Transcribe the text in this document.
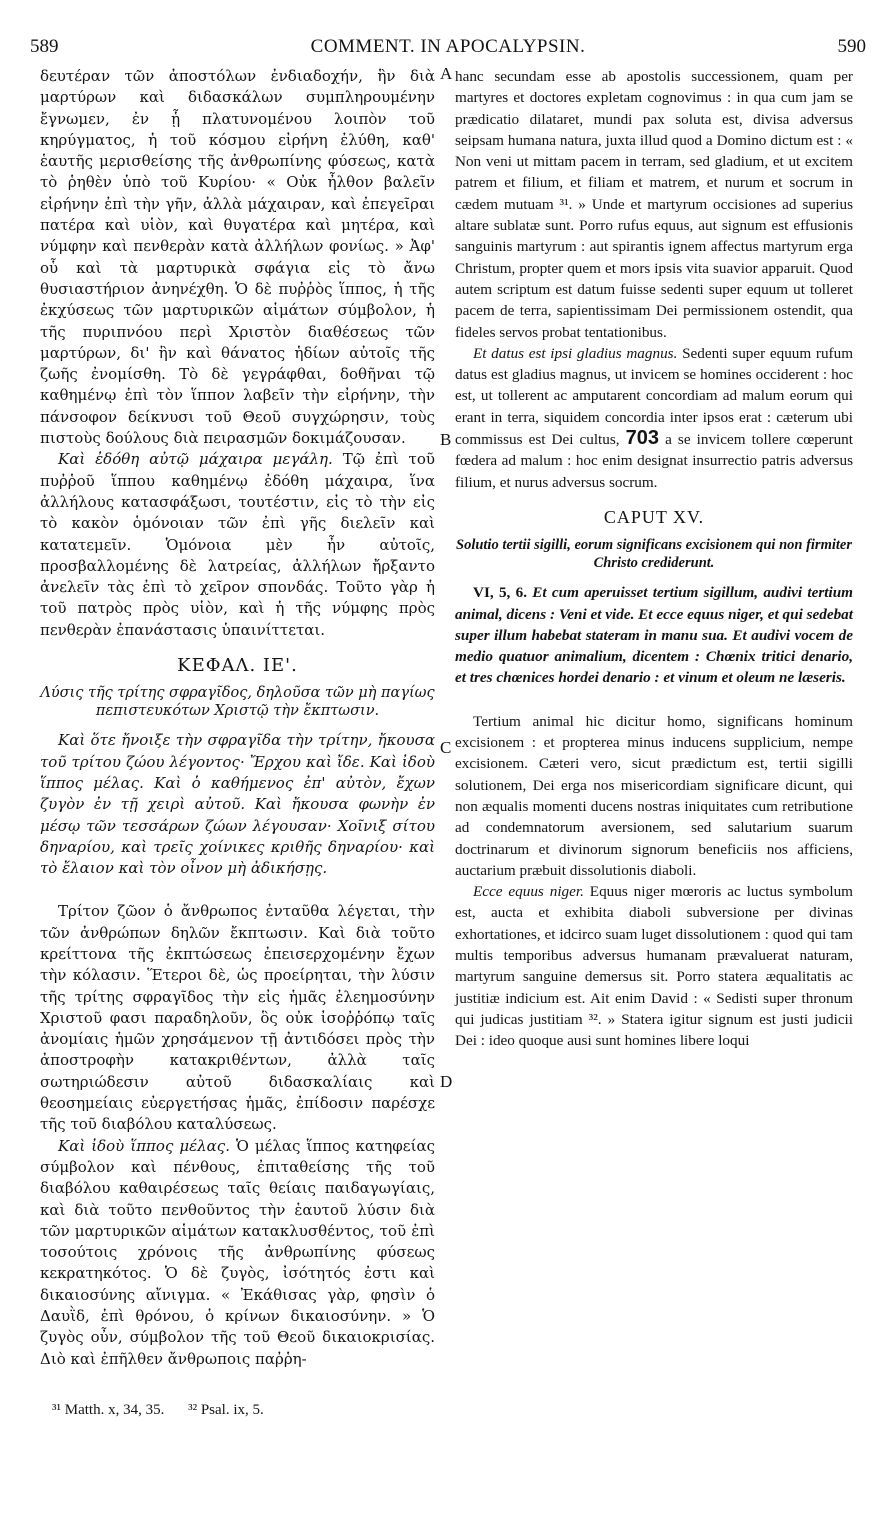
COMMENT. IN APOCALYPSIN.
589	590
A
B
C
D

δευτέραν τῶν ἀποστόλων ἐνδιαδοχήν, ἣν διὰ μαρτύρων καὶ διδασκάλων συμπληρουμένην ἔγνωμεν, ἐν ᾗ πλατυνομένου λοιπὸν τοῦ κηρύγματος, ἡ τοῦ κόσμου εἰρήνη ἐλύθη, καθ' ἑαυτῆς μερισθείσης τῆς ἀνθρωπίνης φύσεως, κατὰ τὸ ῥηθὲν ὑπὸ τοῦ Κυρίου· « Οὐκ ἦλθον βαλεῖν εἰρήνην ἐπὶ τὴν γῆν, ἀλλὰ μάχαιραν, καὶ ἐπεγεῖραι πατέρα καὶ υἱὸν, καὶ θυγατέρα καὶ μητέρα, καὶ νύμφην καὶ πενθερὰν κατὰ ἀλλήλων φονίως. » Ἀφ' οὗ καὶ τὰ μαρτυρικὰ σφάγια εἰς τὸ ἄνω θυσιαστήριον ἀνηνέχθη. Ὁ δὲ πυῤῥὸς ἵππος, ἡ τῆς ἐκχύσεως τῶν μαρτυρικῶν αἱμάτων σύμβολον, ἡ τῆς πυριπνόου περὶ Χριστὸν διαθέσεως τῶν μαρτύρων, δι' ἣν καὶ θάνατος ἡδίων αὐτοῖς τῆς ζωῆς ἐνομίσθη. Τὸ δὲ γεγράφθαι, δοθῆναι τῷ καθημένῳ ἐπὶ τὸν ἵππον λαβεῖν τὴν εἰρήνην, τὴν πάνσοφον δείκνυσι τοῦ Θεοῦ συγχώρησιν, τοὺς πιστοὺς δούλους διὰ πειρασμῶν δοκιμάζουσαν.

Καὶ ἐδόθη αὐτῷ μάχαιρα μεγάλη. Τῷ ἐπὶ τοῦ πυῤῥοῦ ἵππου καθημένῳ ἐδόθη μάχαιρα, ἵνα ἀλλήλους κατασφάξωσι, τουτέστιν, εἰς τὸ τὴν εἰς τὸ κακὸν ὁμόνοιαν τῶν ἐπὶ γῆς διελεῖν καὶ κατατεμεῖν. Ὁμόνοια μὲν ἦν αὐτοῖς, προσβαλλομένης δὲ λατρείας, ἀλλήλων ἤρξαντο ἀνελεῖν τὰς ἐπὶ τὸ χεῖρον σπονδάς. Τοῦτο γὰρ ἡ τοῦ πατρὸς πρὸς υἱὸν, καὶ ἡ τῆς νύμφης πρὸς πενθερὰν ἐπανάστασις ὑπαινίττεται.

ΚΕΦΑΛ. ΙΕ'.
Λύσις τῆς τρίτης σφραγῖδος, δηλοῦσα τῶν μὴ παγίως πεπιστευκότων Χριστῷ τὴν ἔκπτωσιν.

Καὶ ὅτε ἤνοιξε τὴν σφραγῖδα τὴν τρίτην, ἤκουσα τοῦ τρίτου ζώου λέγοντος· Ἔρχου καὶ ἴδε. Καὶ ἰδοὺ ἵππος μέλας. Καὶ ὁ καθήμενος ἐπ' αὐτὸν, ἔχων ζυγὸν ἐν τῇ χειρὶ αὐτοῦ. Καὶ ἤκουσα φωνὴν ἐν μέσῳ τῶν τεσσάρων ζώων λέγουσαν· Χοῖνιξ σίτου δηναρίου, καὶ τρεῖς χοίνικες κριθῆς δηναρίου· καὶ τὸ ἔλαιον καὶ τὸν οἶνον μὴ ἀδικήσῃς.

Τρίτον ζῶον ὁ ἄνθρωπος ἐνταῦθα λέγεται, τὴν τῶν ἀνθρώπων δηλῶν ἔκπτωσιν. Καὶ διὰ τοῦτο κρείττονα τῆς ἐκπτώσεως ἐπεισερχομένην ἔχων τὴν κόλασιν. Ἕτεροι δὲ, ὡς προείρηται, τὴν λύσιν τῆς τρίτης σφραγῖδος τὴν εἰς ἡμᾶς ἐλεημοσύνην Χριστοῦ φασι παραδηλοῦν, ὃς οὐκ ἰσοῤῥόπῳ ταῖς ἀνομίαις ἡμῶν χρησάμενον τῇ ἀντιδόσει πρὸς τὴν ἀποστροφὴν κατακριθέντων, ἀλλὰ ταῖς σωτηριώδεσιν αὐτοῦ διδασκαλίαις καὶ θεοσημείαις εὐεργετήσας ἡμᾶς, ἐπίδοσιν παρέσχε τῆς τοῦ διαβόλου καταλύσεως.

Καὶ ἰδοὺ ἵππος μέλας. Ὁ μέλας ἵππος κατηφείας σύμβολον καὶ πένθους, ἐπιταθείσης τῆς τοῦ διαβόλου καθαιρέσεως ταῖς θείαις παιδαγωγίαις, καὶ διὰ τοῦτο πενθοῦντος τὴν ἑαυτοῦ λύσιν διὰ τῶν μαρτυρικῶν αἱμάτων κατακλυσθέντος, τοῦ ἐπὶ τοσούτοις χρόνοις τῆς ἀνθρωπίνης φύσεως κεκρατηκότος. Ὁ δὲ ζυγὸς, ἰσότητός ἐστι καὶ δικαιοσύνης αἴνιγμα. « Ἐκάθισας γὰρ, φησὶν ὁ Δαυῒδ, ἐπὶ θρόνου, ὁ κρίνων δικαιοσύνην. » Ὁ ζυγὸς οὖν, σύμβολον τῆς τοῦ Θεοῦ δικαιοκρισίας. Διὸ καὶ ἐπῆλθεν ἄνθρωποις παῤῥη-

hanc secundam esse ab apostolis successionem, quam per martyres et doctores expletam cognovimus : in qua cum jam se prædicatio dilataret, mundi pax soluta est, divisa adversus seipsam humana natura, juxta illud quod a Domino dictum est : « Non veni ut mittam pacem in terram, sed gladium, et ut excitem patrem et filium, et filiam et matrem, et nurum et socrum in cædem mutuam ³¹. » Unde et martyrum occisiones ad superius altare sublatæ sunt. Porro rufus equus, aut signum est effusionis sanguinis martyrum : aut spirantis ignem affectus martyrum erga Christum, propter quem et mors ipsis vita suavior apparuit. Quod autem scriptum est datum fuisse sedenti super equum ut tolleret pacem de terra, sapientissimam Dei permissionem ostendit, qua fideles servos probat tentationibus.

Et datus est ipsi gladius magnus. Sedenti super equum rufum datus est gladius magnus, ut invicem se homines occiderent : hoc est, ut tollerent ac amputarent concordiam ad malum eorum qui erant in terra, siquidem concordia inter ipsos erat : cæterum ubi commissus est Dei cultus, 703 a se invicem tollere cœperunt fœdera ad malum : hoc enim designat insurrectio patris adversus filium, et nurus adversus socrum.

CAPUT XV.
Solutio tertii sigilli, eorum significans excisionem qui non firmiter Christo crediderunt.

VI, 5, 6. Et cum aperuisset tertium sigillum, audivi tertium animal, dicens : Veni et vide. Et ecce equus niger, et qui sedebat super illum habebat stateram in manu sua. Et audivi vocem de medio quatuor animalium, dicentem : Chœnix tritici denario, et tres chœnices hordei denario : et vinum et oleum ne læseris.

Tertium animal hic dicitur homo, significans hominum excisionem : et propterea minus inducens supplicium, nempe excisionem. Cæteri vero, sicut prædictum est, tertii sigilli solutionem, Dei erga nos misericordiam significare dicunt, qui non æqualis momenti ducens nostras iniquitates cum retributione ad condemnatorum aversionem, sed salutarium suarum doctrinarum et divinorum signorum beneficiis nos afficiens, auctarium præbuit dissolutionis diaboli.

Ecce equus niger. Equus niger mœroris ac luctus symbolum est, aucta et exhibita diaboli subversione per divinas exhortationes, et idcirco suam luget dissolutionem : quod qui tam multis temporibus adversus humanam prævaluerat naturam, martyrum sanguine demersus sit. Porro statera æqualitatis ac justitiæ indicium est. Ait enim David : « Sedisti super thronum qui judicas justitiam ³². » Statera igitur signum est justi judicii Dei : ideo quoque ausi sunt homines libere loqui

³¹ Matth. x, 34, 35. ³² Psal. ix, 5.
